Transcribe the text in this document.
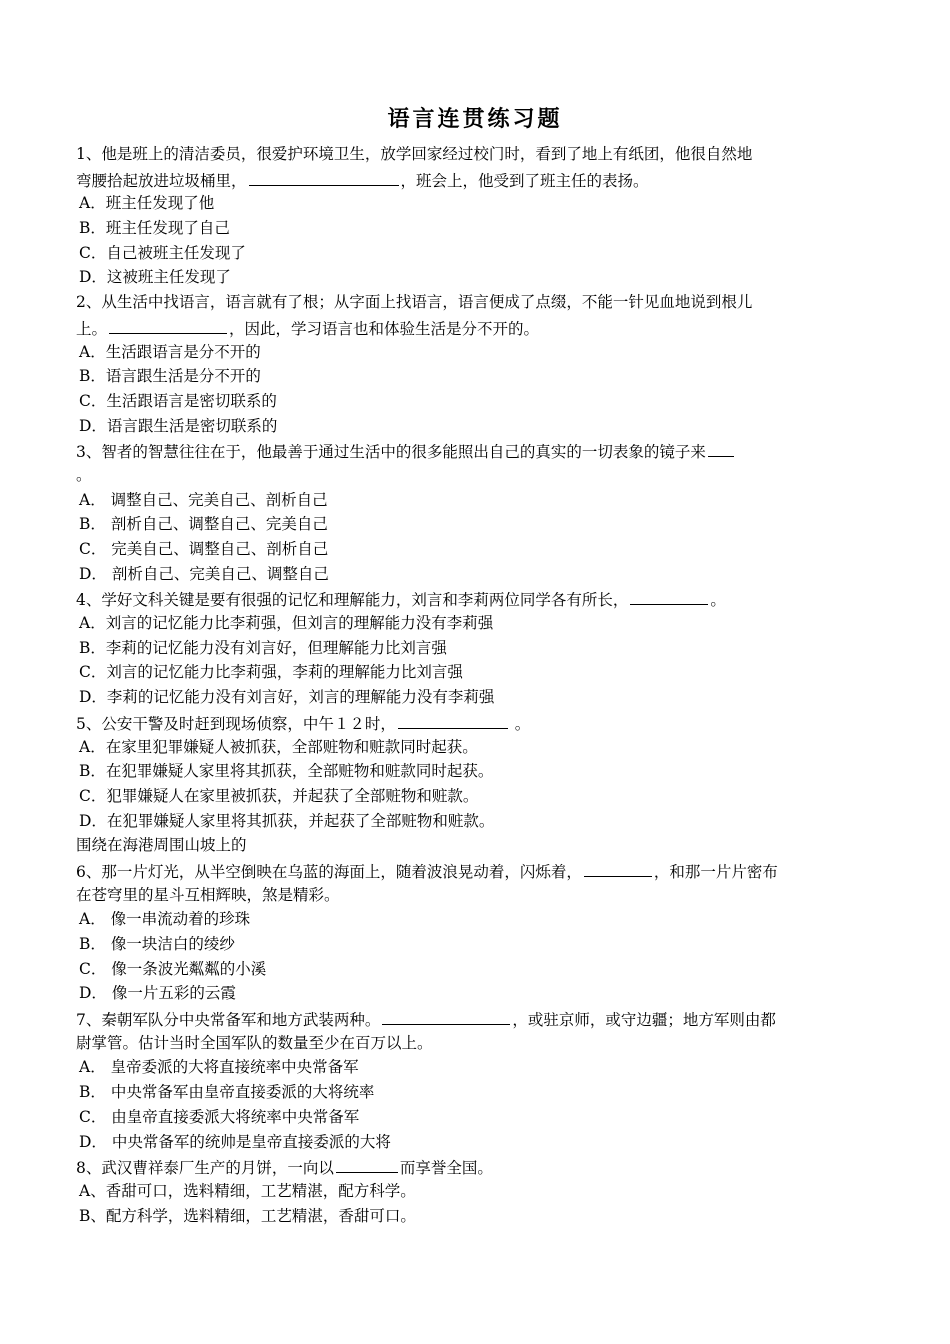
语言连贯练习题
1、他是班上的清洁委员，很爱护环境卫生，放学回家经过校门时，看到了地上有纸团，他很自然地
弯腰拾起放进垃圾桶里，	，班会上，他受到了班主任的表扬。
A．班主任发现了他
B．班主任发现了自己
C．自己被班主任发现了
D．这被班主任发现了
2、从生活中找语言，语言就有了根；从字面上找语言，语言便成了点缀，不能一针见血地说到根儿
上。	，因此，学习语言也和体验生活是分不开的。
A．生活跟语言是分不开的
B．语言跟生活是分不开的
C．生活跟语言是密切联系的
D．语言跟生活是密切联系的
3、智者的智慧往往在于，他最善于通过生活中的很多能照出自己的真实的一切表象的镜子来
。
A． 调整自己、完美自己、剖析自己
B． 剖析自己、调整自己、完美自己
C． 完美自己、调整自己、剖析自己
D． 剖析自己、完美自己、调整自己
4、学好文科关键是要有很强的记忆和理解能力，刘言和李莉两位同学各有所长，	。
A．刘言的记忆能力比李莉强，但刘言的理解能力没有李莉强
B．李莉的记忆能力没有刘言好，但理解能力比刘言强
C．刘言的记忆能力比李莉强，李莉的理解能力比刘言强
D．李莉的记忆能力没有刘言好，刘言的理解能力没有李莉强
5、公安干警及时赶到现场侦察，中午１２时，	。
A．在家里犯罪嫌疑人被抓获，全部赃物和赃款同时起获。
B．在犯罪嫌疑人家里将其抓获，全部赃物和赃款同时起获。
C．犯罪嫌疑人在家里被抓获，并起获了全部赃物和赃款。
D．在犯罪嫌疑人家里将其抓获，并起获了全部赃物和赃款。
围绕在海港周围山坡上的
6、那一片灯光，从半空倒映在乌蓝的海面上，随着波浪晃动着，闪烁着，	，和那一片片密布
在苍穹里的星斗互相辉映，煞是精彩。
A． 像一串流动着的珍珠
B． 像一块洁白的绫纱
C． 像一条波光粼粼的小溪
D． 像一片五彩的云霞
7、秦朝军队分中央常备军和地方武装两种。	，或驻京师，或守边疆；地方军则由都
尉掌管。估计当时全国军队的数量至少在百万以上。
A． 皇帝委派的大将直接统率中央常备军
B． 中央常备军由皇帝直接委派的大将统率
C． 由皇帝直接委派大将统率中央常备军
D． 中央常备军的统帅是皇帝直接委派的大将
8、武汉曹祥泰厂生产的月饼，一向以	而享誉全国。
A、香甜可口，选料精细，工艺精湛，配方科学。
B、配方科学，选料精细，工艺精湛，香甜可口。
